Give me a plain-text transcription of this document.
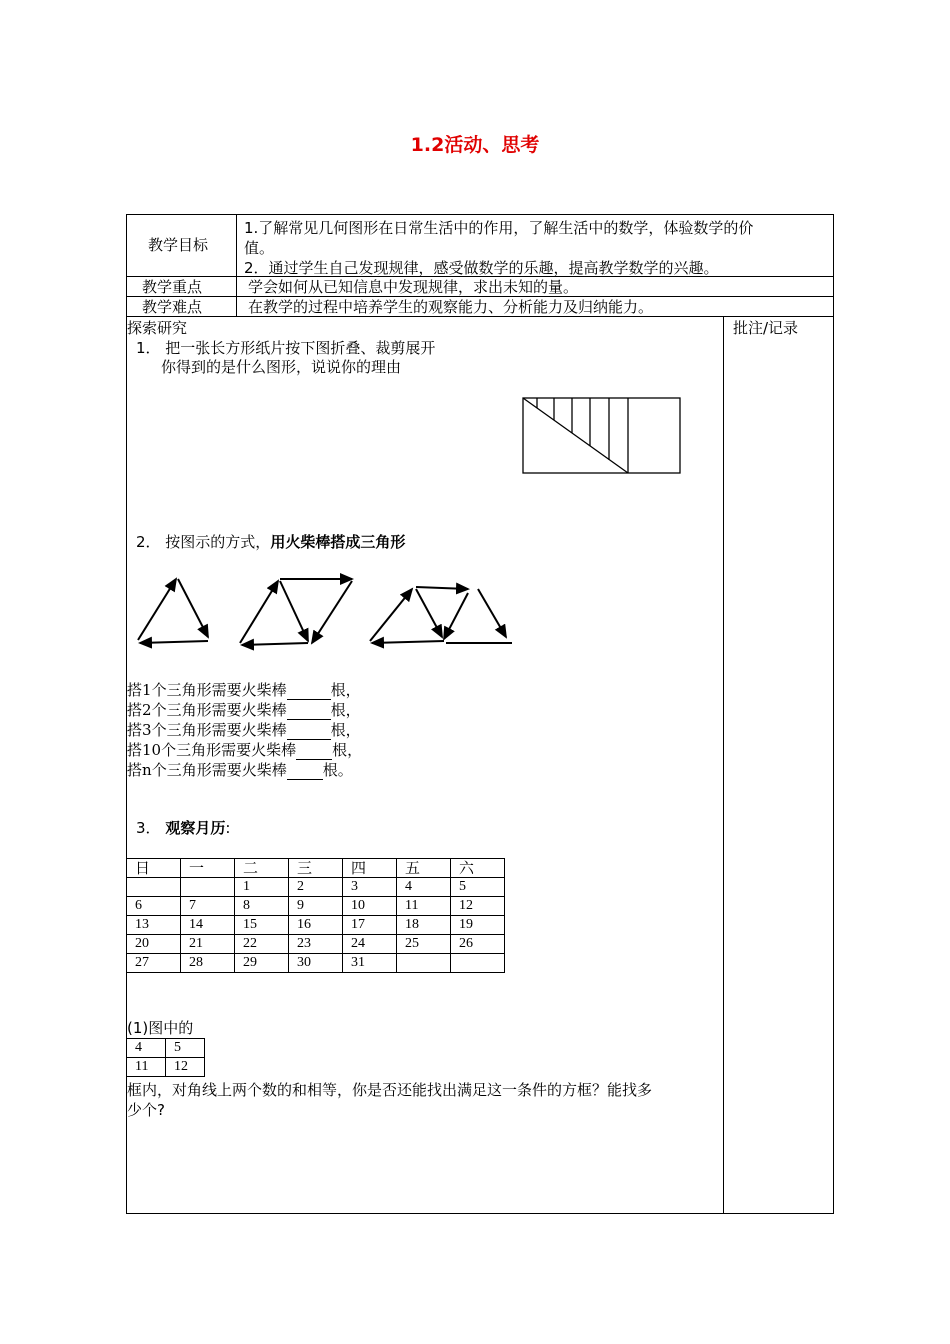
1.2活动、思考
教学目标
1.了解常见几何图形在日常生活中的作用，了解生活中的数学，体验数学的价
值。
2．通过学生自己发现规律，感受做数学的乐趣，提高教学数学的兴趣。
教学重点	学会如何从已知信息中发现规律，求出未知的量。
教学难点	在教学的过程中培养学生的观察能力、分析能力及归纳能力。
探索研究	批注/记录
1． 把一张长方形纸片按下图折叠、裁剪展开
你得到的是什么图形，说说你的理由
2． 按图示的方式，用火柴棒搭成三角形
搭1个三角形需要火柴棒	根，
搭2个三角形需要火柴棒	根，
搭3个三角形需要火柴棒	根，
搭10个三角形需要火柴棒 根，
搭n个三角形需要火柴棒 根。
3． 观察月历:
日	一	二	三	四	五	六
		1	2	3	4	5
6	7	8	9	10	11	12
13	14	15	16	17	18	19
20	21	22	23	24	25	26
27	28	29	30	31		
(1)图中的
4	5
11	12
框内，对角线上两个数的和相等，你是否还能找出满足这一条件的方框？能找多
少个?
